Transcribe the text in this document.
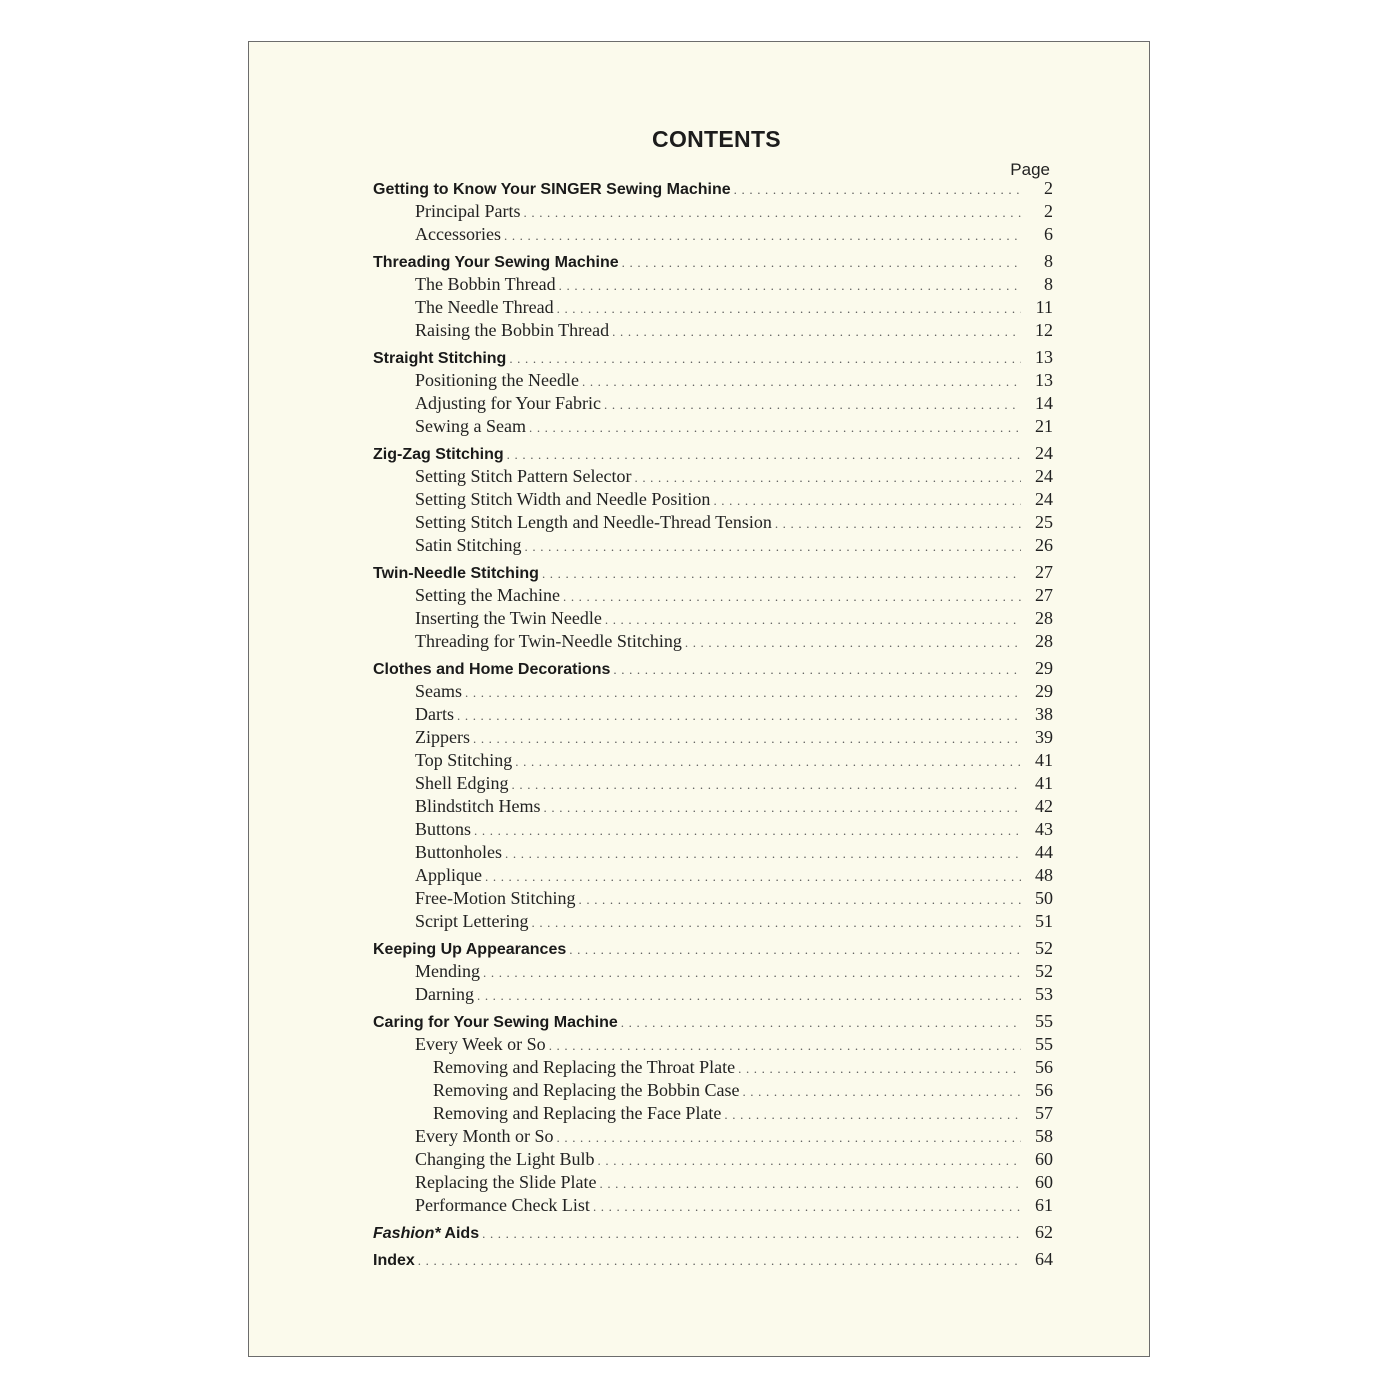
CONTENTS
Page
Getting to Know Your SINGER Sewing Machine .....	2
Principal Parts .....	2
Accessories .....	6
Threading Your Sewing Machine .....	8
The Bobbin Thread .....	8
The Needle Thread .....	11
Raising the Bobbin Thread .....	12
Straight Stitching .....	13
Positioning the Needle .....	13
Adjusting for Your Fabric .....	14
Sewing a Seam .....	21
Zig-Zag Stitching .....	24
Setting Stitch Pattern Selector .....	24
Setting Stitch Width and Needle Position .....	24
Setting Stitch Length and Needle-Thread Tension .....	25
Satin Stitching .....	26
Twin-Needle Stitching .....	27
Setting the Machine .....	27
Inserting the Twin Needle .....	28
Threading for Twin-Needle Stitching .....	28
Clothes and Home Decorations .....	29
Seams .....	29
Darts .....	38
Zippers .....	39
Top Stitching .....	41
Shell Edging .....	41
Blindstitch Hems .....	42
Buttons .....	43
Buttonholes .....	44
Applique .....	48
Free-Motion Stitching .....	50
Script Lettering .....	51
Keeping Up Appearances .....	52
Mending .....	52
Darning .....	53
Caring for Your Sewing Machine .....	55
Every Week or So .....	55
Removing and Replacing the Throat Plate .....	56
Removing and Replacing the Bobbin Case .....	56
Removing and Replacing the Face Plate .....	57
Every Month or So .....	58
Changing the Light Bulb .....	60
Replacing the Slide Plate .....	60
Performance Check List .....	61
Fashion* Aids .....	62
Index .....	64
